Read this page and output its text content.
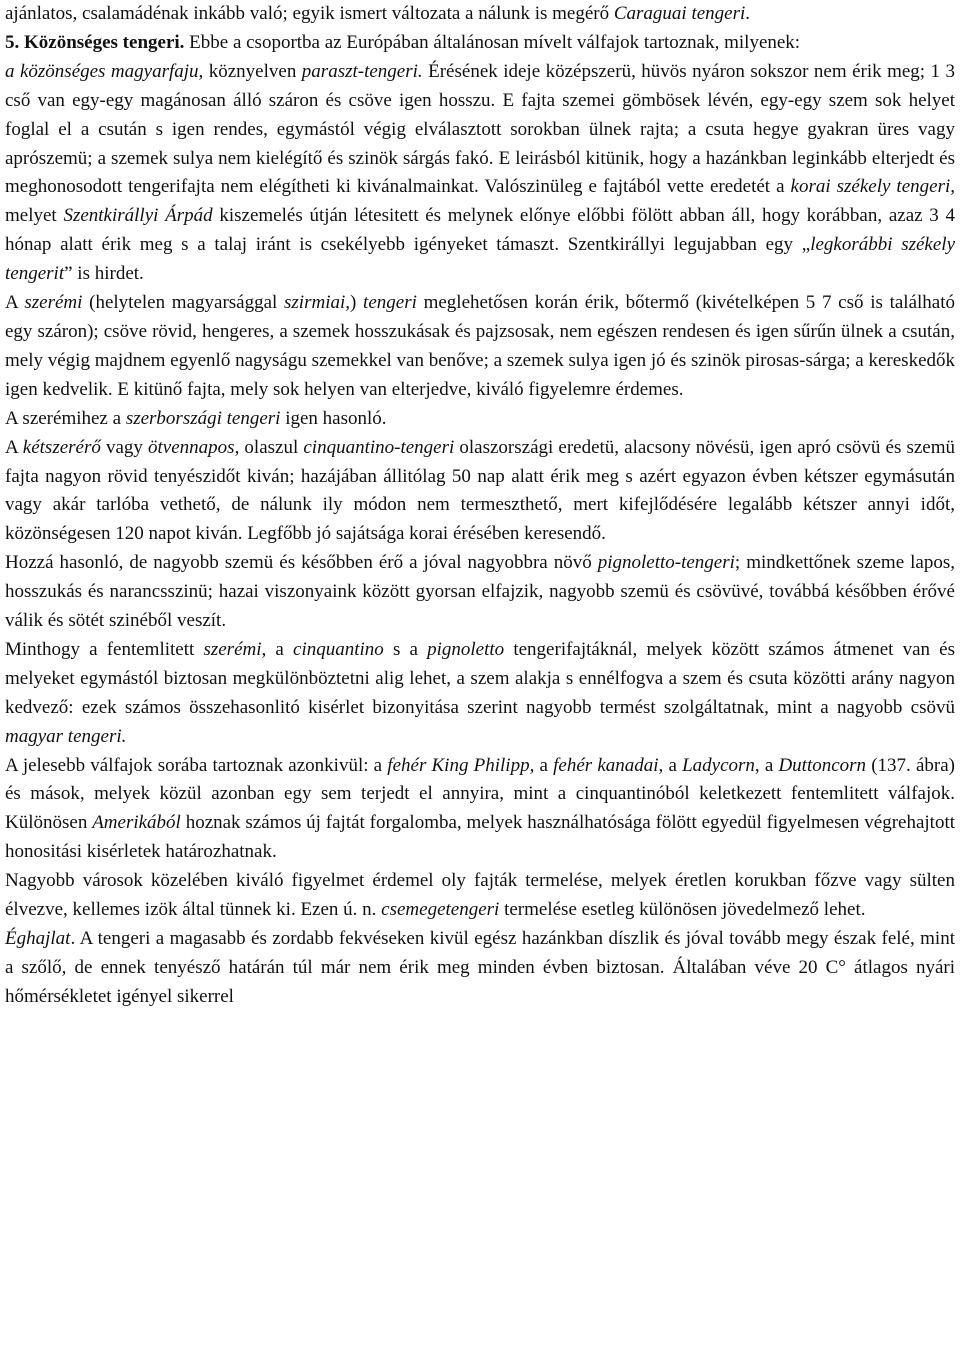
ajánlatos, csalamádénak inkább való; egyik ismert változata a nálunk is megérő Caraguai tengeri.

5. Közönséges tengeri. Ebbe a csoportba az Európában általánosan mívelt válfajok tartoznak, milyenek:

a közönséges magyarfaju, köznyelven paraszt-tengeri. Érésének ideje középszerü, hüvös nyáron sokszor nem érik meg; 1 3 cső van egy-egy magánosan álló száron és csöve igen hosszu. E fajta szemei gömbösek lévén, egy-egy szem sok helyet foglal el a csután s igen rendes, egymástól végig elválasztott sorokban ülnek rajta; a csuta hegye gyakran üres vagy aprószemü; a szemek sulya nem kielégítő és szinök sárgás fakó. E leirásból kitünik, hogy a hazánkban leginkább elterjedt és meghonosodott tengerifajta nem elégítheti ki kivánalmainkat. Valószinüleg e fajtából vette eredetét a korai székely tengeri, melyet Szentkirállyi Árpád kiszemelés útján létesitett és melynek előnye előbbi fölött abban áll, hogy korábban, azaz 3 4 hónap alatt érik meg s a talaj iránt is csekélyebb igényeket támaszt. Szentkirállyi legujabban egy „legkorábbi székely tengerit” is hirdet.

A szerémi (helytelen magyarsággal szirmiai,) tengeri meglehetősen korán érik, bőtermő (kivételképen 5 7 cső is található egy száron); csöve rövid, hengeres, a szemek hosszukásak és pajzsosak, nem egészen rendesen és igen sűrűn ülnek a csután, mely végig majdnem egyenlő nagyságu szemekkel van benőve; a szemek sulya igen jó és szinök pirosas-sárga; a kereskedők igen kedvelik. E kitünő fajta, mely sok helyen van elterjedve, kiváló figyelemre érdemes.

A szerémihez a szerbországi tengeri igen hasonló.

A kétszerérő vagy ötvennapos, olaszul cinquantino-tengeri olaszországi eredetü, alacsony növésü, igen apró csövü és szemü fajta nagyon rövid tenyészidőt kiván; hazájában állitólag 50 nap alatt érik meg s azért egyazon évben kétszer egymásután vagy akár tarlóba vethető, de nálunk ily módon nem termeszthető, mert kifejlődésére legalább kétszer annyi időt, közönségesen 120 napot kiván. Legfőbb jó sajátsága korai érésében keresendő.

Hozzá hasonló, de nagyobb szemü és későbben érő a jóval nagyobbra növő pignoletto-tengeri; mindkettőnek szeme lapos, hosszukás és narancsszinü; hazai viszonyaink között gyorsan elfajzik, nagyobb szemü és csövüvé, továbbá későbben érővé válik és sötét szinéből veszít.

Minthogy a fentemlitett szerémi, a cinquantino s a pignoletto tengerifajtáknál, melyek között számos átmenet van és melyeket egymástól biztosan megkülönböztetni alig lehet, a szem alakja s ennélfogva a szem és csuta közötti arány nagyon kedvező: ezek számos összehasonlitó kisérlet bizonyitása szerint nagyobb termést szolgáltatnak, mint a nagyobb csövü magyar tengeri.

A jelesebb válfajok sorába tartoznak azonkivül: a fehér King Philipp, a fehér kanadai, a Ladycorn, a Duttoncorn (137. ábra) és mások, melyek közül azonban egy sem terjedt el annyira, mint a cinquantinóból keletkezett fentemlitett válfajok. Különösen Amerikából hoznak számos új fajtát forgalomba, melyek használhatósága fölött egyedül figyelmesen végrehajtott honositási kisérletek határozhatnak.

Nagyobb városok közelében kiváló figyelmet érdemel oly fajták termelése, melyek éretlen korukban főzve vagy sülten élvezve, kellemes izök által tünnek ki. Ezen ú. n. csemegetengeri termelése esetleg különösen jövedelmező lehet.

Éghajlat. A tengeri a magasabb és zordabb fekvéseken kivül egész hazánkban díszlik és jóval tovább megy észak felé, mint a szőlő, de ennek tenyésző határán túl már nem érik meg minden évben biztosan. Általában véve 20 C° átlagos nyári hőmérsékletet igényel sikerrel
